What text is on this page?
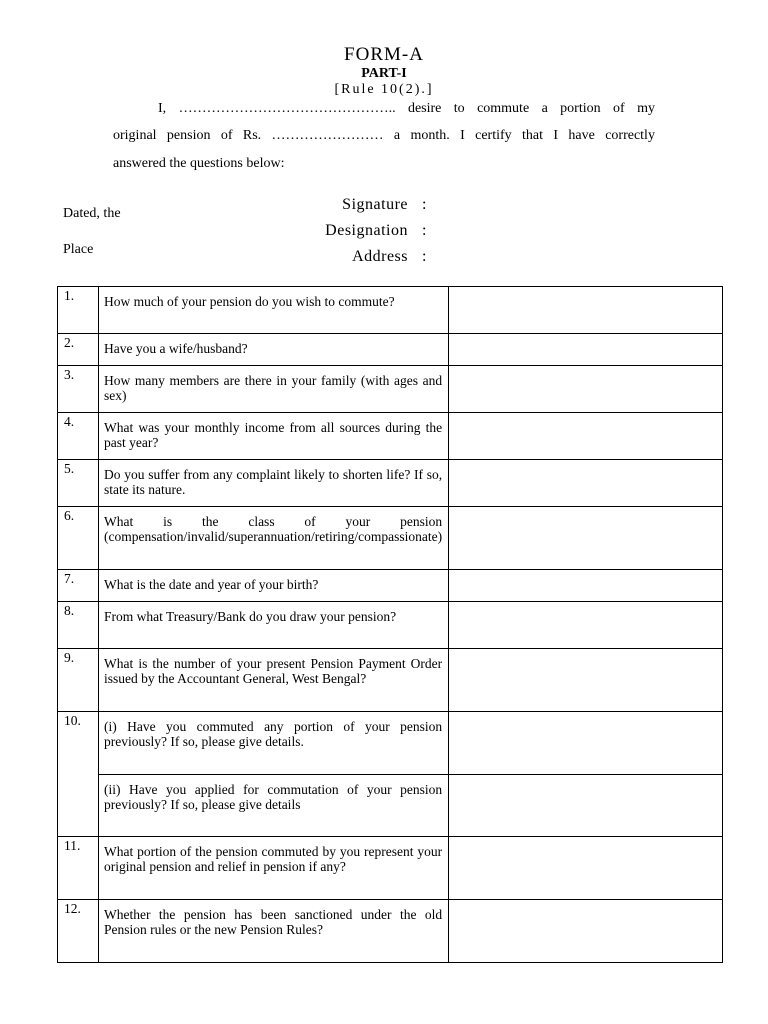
FORM-A
PART-I
[Rule 10(2).]
I, ……………………………………….. desire to commute a portion of my
original pension of Rs. …………………… a month. I certify that I have correctly
answered the questions below:
Dated, the
Place
Signature :
Designation :
Address :
1.	How much of your pension do you wish to commute?	
2.	Have you a wife/husband?	
3.	How many members are there in your family (with ages and sex)	
4.	What was your monthly income from all sources during the past year?	
5.	Do you suffer from any complaint likely to shorten life? If so, state its nature.	
6.	What is the class of your pension (compensation/invalid/superannuation/retiring/compassionate)	
7.	What is the date and year of your birth?	
8.	From what Treasury/Bank do you draw your pension?	
9.	What is the number of your present Pension Payment Order issued by the Accountant General, West Bengal?	
10.	(i) Have you commuted any portion of your pension previously? If so, please give details.	
	(ii) Have you applied for commutation of your pension previously? If so, please give details	
11.	What portion of the pension commuted by you represent your original pension and relief in pension if any?	
12.	Whether the pension has been sanctioned under the old Pension rules or the new Pension Rules?	
